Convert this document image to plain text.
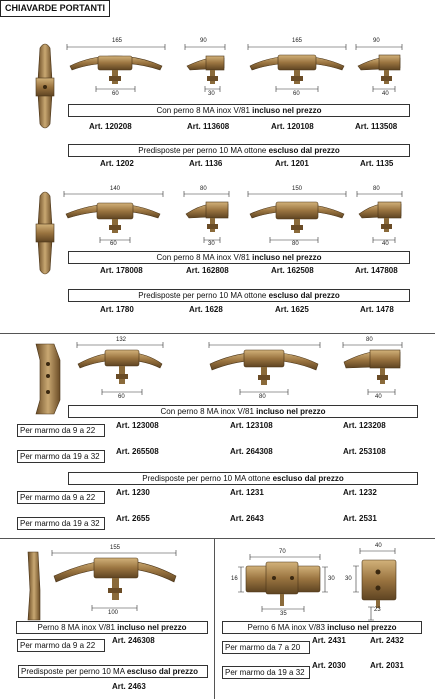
CHIAVARDE PORTANTI
165	90	165	90
60	30	60	40
Con perno 8 MA inox V/81 incluso nel prezzo
Art. 120208	Art. 113608	Art. 120108	Art. 113508
Predisposte per perno 10 MA ottone escluso dal prezzo
Art. 1202	Art. 1136	Art. 1201	Art. 1135
140	80	150	80
60	30	80	40
Con perno 8 MA inox V/81 incluso nel prezzo
Art. 178008	Art. 162808	Art. 162508	Art. 147808
Predisposte per perno 10 MA ottone escluso dal prezzo
Art. 1780	Art. 1628	Art. 1625	Art. 1478
132	80
60	80	40
Con perno 8 MA inox V/81 incluso nel prezzo
Per marmo da 9 a 22
Art. 123008	Art. 123108	Art. 123208
Per marmo da 19 a 32
Art. 265508	Art. 264308	Art. 253108
Predisposte per perno 10 MA ottone escluso dal prezzo
Per marmo da 9 a 22
Art. 1230	Art. 1231	Art. 1232
Per marmo da 19 a 32
Art. 2655	Art. 2643	Art. 2531
155
100
Perno 8 MA inox V/81 incluso nel prezzo
Per marmo da 9 a 22
Art. 246308
Predisposte per perno 10 MA escluso dal prezzo
Art. 2463
70
16	30
35
40
30
23
Perno 6 MA inox V/83 incluso nel prezzo
Per marmo da 7 a 20
Art. 2431	Art. 2432
Per marmo da 19 a 32
Art. 2030	Art. 2031
